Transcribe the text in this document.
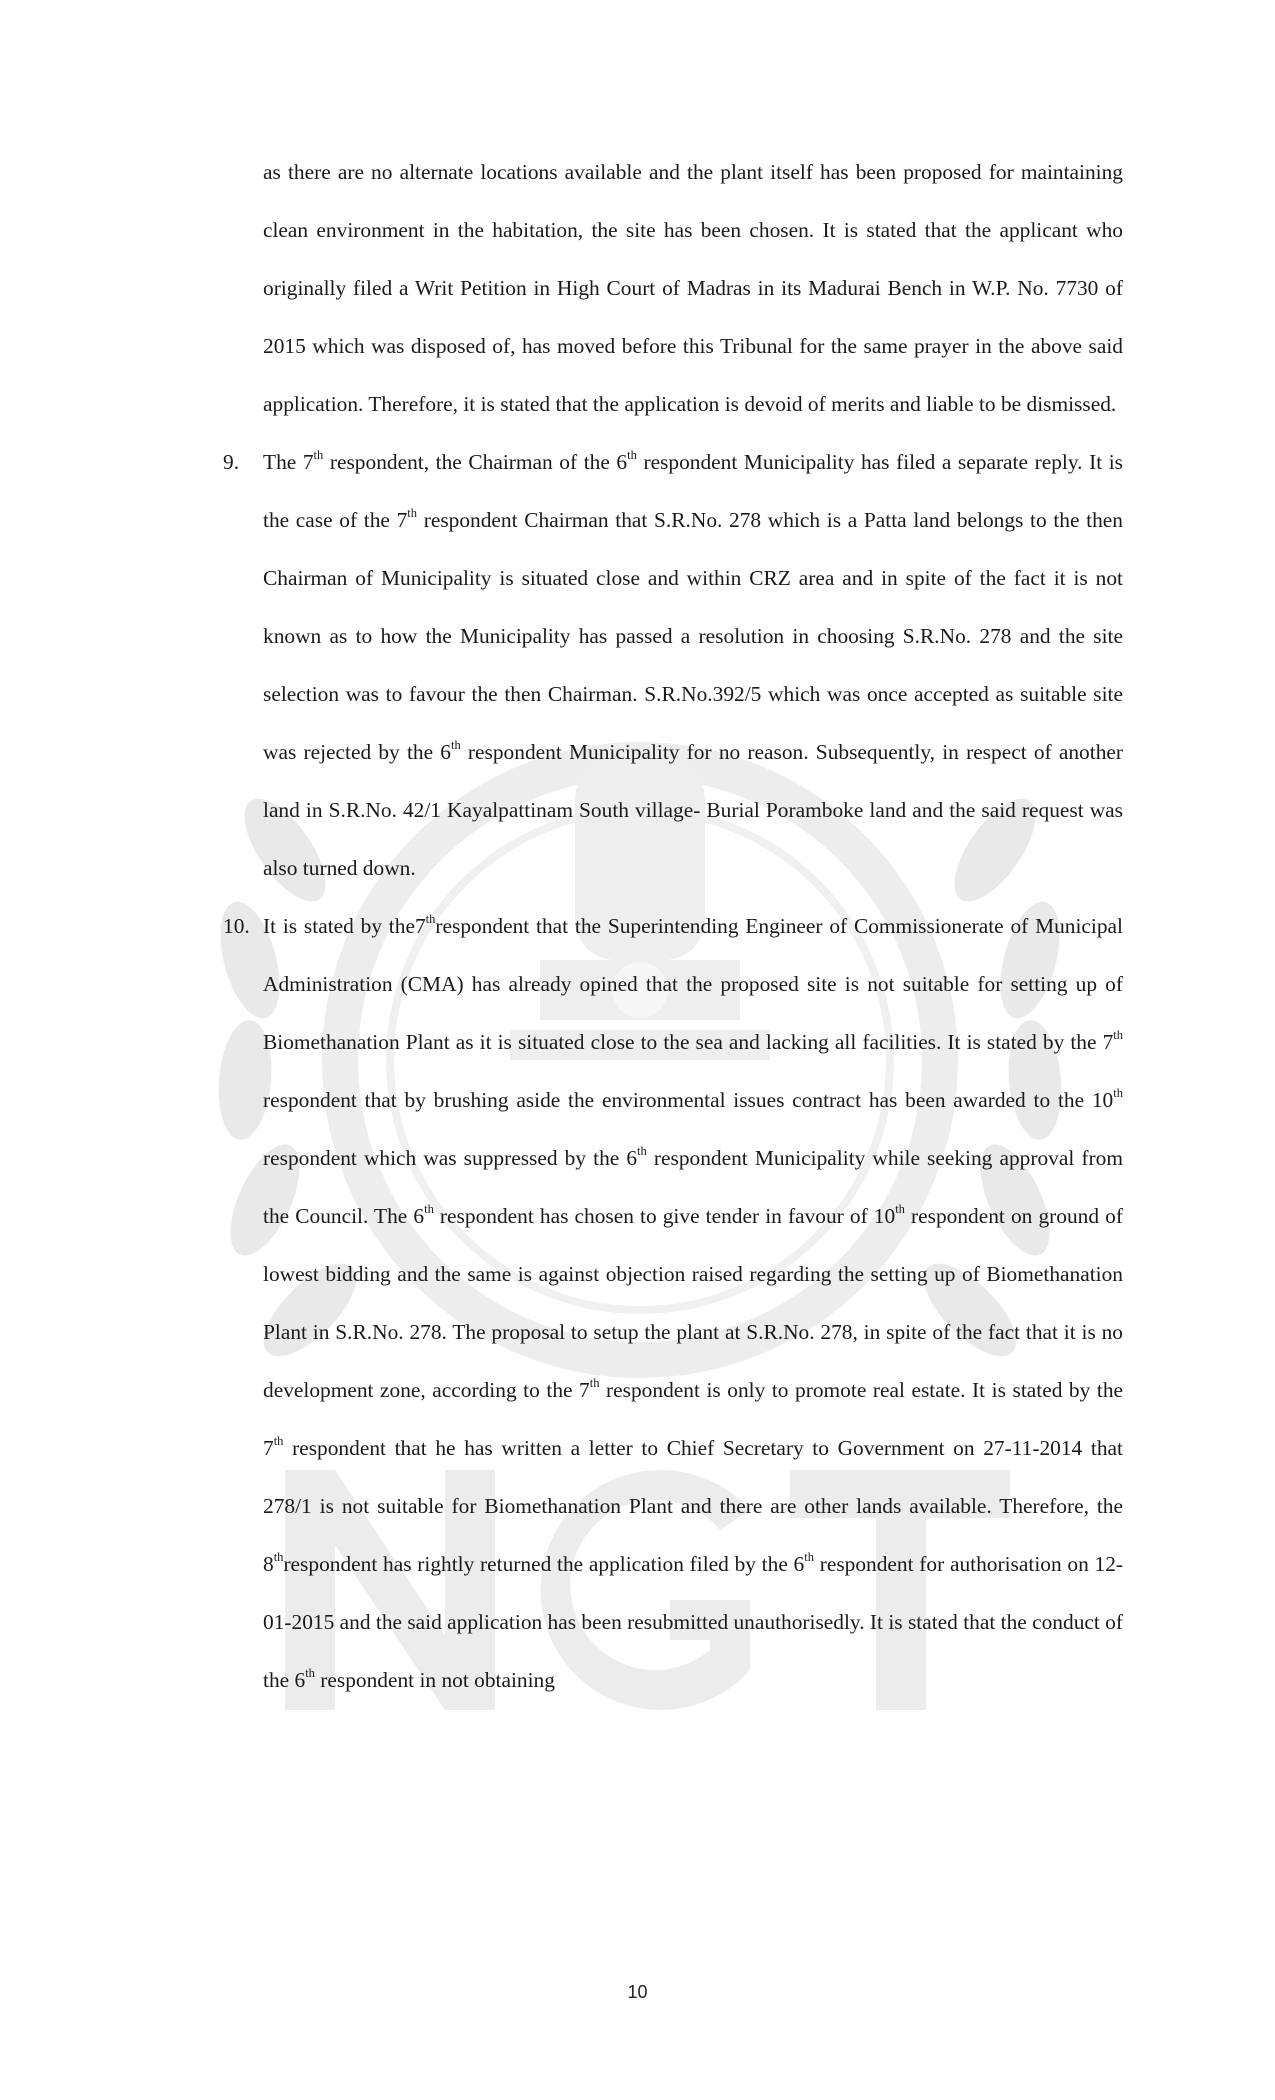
as there are no alternate locations available and the plant itself has been proposed for maintaining clean environment in the habitation, the site has been chosen. It is stated that the applicant who originally filed a Writ Petition in High Court of Madras in its Madurai Bench in W.P. No. 7730 of 2015 which was disposed of, has moved before this Tribunal for the same prayer in the above said application. Therefore, it is stated that the application is devoid of merits and liable to be dismissed.

9. The 7th respondent, the Chairman of the 6th respondent Municipality has filed a separate reply. It is the case of the 7th respondent Chairman that S.R.No. 278 which is a Patta land belongs to the then Chairman of Municipality is situated close and within CRZ area and in spite of the fact it is not known as to how the Municipality has passed a resolution in choosing S.R.No. 278 and the site selection was to favour the then Chairman. S.R.No.392/5 which was once accepted as suitable site was rejected by the 6th respondent Municipality for no reason. Subsequently, in respect of another land in S.R.No. 42/1 Kayalpattinam South village- Burial Poramboke land and the said request was also turned down.

10. It is stated by the7threspondent that the Superintending Engineer of Commissionerate of Municipal Administration (CMA) has already opined that the proposed site is not suitable for setting up of Biomethanation Plant as it is situated close to the sea and lacking all facilities. It is stated by the 7th respondent that by brushing aside the environmental issues contract has been awarded to the 10th respondent which was suppressed by the 6th respondent Municipality while seeking approval from the Council. The 6th respondent has chosen to give tender in favour of 10th respondent on ground of lowest bidding and the same is against objection raised regarding the setting up of Biomethanation Plant in S.R.No. 278. The proposal to setup the plant at S.R.No. 278, in spite of the fact that it is no development zone, according to the 7th respondent is only to promote real estate. It is stated by the 7th respondent that he has written a letter to Chief Secretary to Government on 27-11-2014 that 278/1 is not suitable for Biomethanation Plant and there are other lands available. Therefore, the 8threspondent has rightly returned the application filed by the 6th respondent for authorisation on 12-01-2015 and the said application has been resubmitted unauthorisedly. It is stated that the conduct of the 6th respondent in not obtaining

10
